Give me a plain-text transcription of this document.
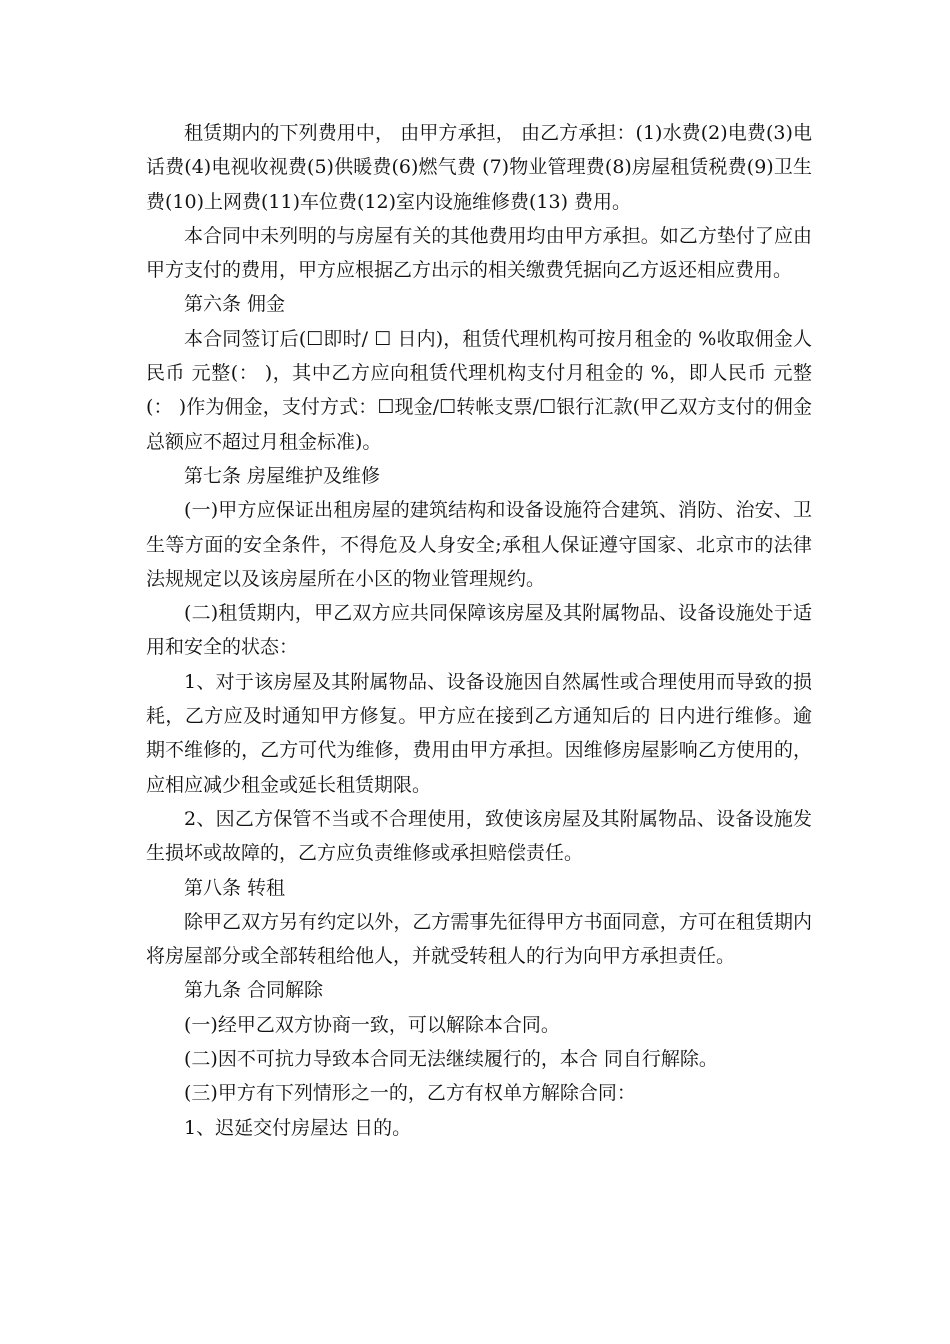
租赁期内的下列费用中， 由甲方承担， 由乙方承担：(1)水费(2)电费(3)电话费(4)电视收视费(5)供暖费(6)燃气费 (7)物业管理费(8)房屋租赁税费(9)卫生费(10)上网费(11)车位费(12)室内设施维修费(13) 费用。

本合同中未列明的与房屋有关的其他费用均由甲方承担。如乙方垫付了应由甲方支付的费用，甲方应根据乙方出示的相关缴费凭据向乙方返还相应费用。

第六条 佣金

本合同签订后(☐即时/ ☐ 日内)，租赁代理机构可按月租金的 %收取佣金人民币 元整(： )，其中乙方应向租赁代理机构支付月租金的 %，即人民币 元整(： )作为佣金，支付方式：☐现金/☐转帐支票/☐银行汇款(甲乙双方支付的佣金总额应不超过月租金标准)。

第七条 房屋维护及维修

(一)甲方应保证出租房屋的建筑结构和设备设施符合建筑、消防、治安、卫生等方面的安全条件，不得危及人身安全;承租人保证遵守国家、北京市的法律法规规定以及该房屋所在小区的物业管理规约。

(二)租赁期内，甲乙双方应共同保障该房屋及其附属物品、设备设施处于适用和安全的状态：

1、对于该房屋及其附属物品、设备设施因自然属性或合理使用而导致的损耗，乙方应及时通知甲方修复。甲方应在接到乙方通知后的 日内进行维修。逾期不维修的，乙方可代为维修，费用由甲方承担。因维修房屋影响乙方使用的，应相应减少租金或延长租赁期限。

2、因乙方保管不当或不合理使用，致使该房屋及其附属物品、设备设施发生损坏或故障的，乙方应负责维修或承担赔偿责任。

第八条 转租

除甲乙双方另有约定以外，乙方需事先征得甲方书面同意，方可在租赁期内将房屋部分或全部转租给他人，并就受转租人的行为向甲方承担责任。

第九条 合同解除

(一)经甲乙双方协商一致，可以解除本合同。

(二)因不可抗力导致本合同无法继续履行的，本合 同自行解除。

(三)甲方有下列情形之一的，乙方有权单方解除合同：

1、迟延交付房屋达 日的。
